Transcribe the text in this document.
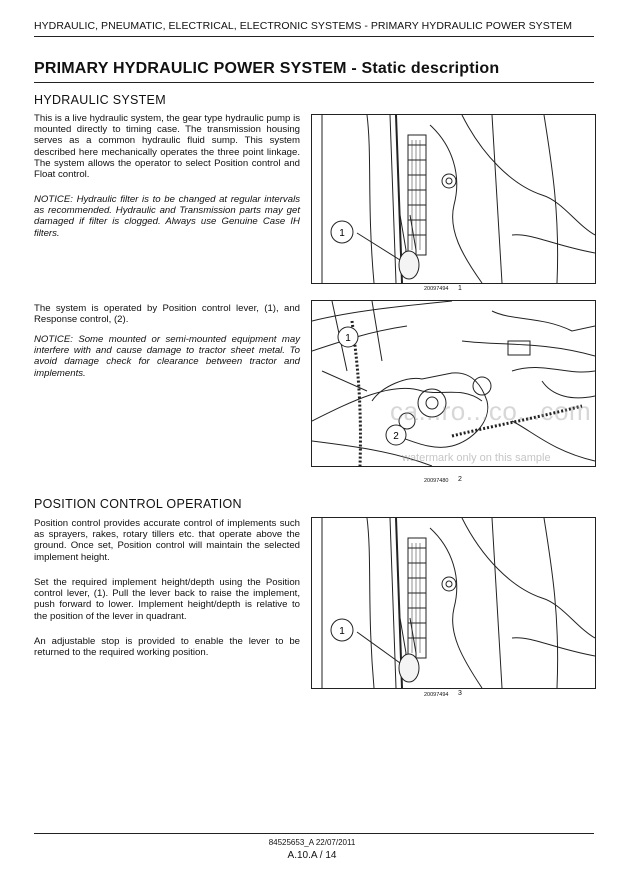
HYDRAULIC, PNEUMATIC, ELECTRICAL, ELECTRONIC SYSTEMS - PRIMARY HYDRAULIC POWER SYSTEM
PRIMARY HYDRAULIC POWER SYSTEM - Static description
HYDRAULIC SYSTEM

This is a live hydraulic system, the gear type hydraulic pump is mounted directly to timing case. The transmission housing serves as a common hydraulic fluid sump. This system described here mechanically operates the three point linkage. The system allows the operator to select Position control and Float control.

NOTICE: Hydraulic filter is to be changed at regular intervals as recommended. Hydraulic and Transmission parts may get damaged if filter is clogged. Always use Genuine Case IH filters.

The system is operated by Position control lever, (1), and Response control, (2).

NOTICE: Some mounted or semi-mounted equipment may interfere with and cause damage to tractor sheet metal. To avoid damage check for clearance between tractor and implements.

POSITION CONTROL OPERATION

Position control provides accurate control of implements such as sprayers, rakes, rotary tillers etc. that operate above the ground. Once set, Position control will maintain the selected implement height.

Set the required implement height/depth using the Position control lever, (1). Pull the lever back to raise the implement, push forward to lower. Implement height/depth is relative to the position of the lever in quadrant.

An adjustable stop is provided to enable the lever to be returned to the required working position.

1
20097494 1
1
2
20097480 2
ca...ro...co...com
watermark only on this sample
1
20097494 3
84525653_A 22/07/2011
A.10.A / 14
